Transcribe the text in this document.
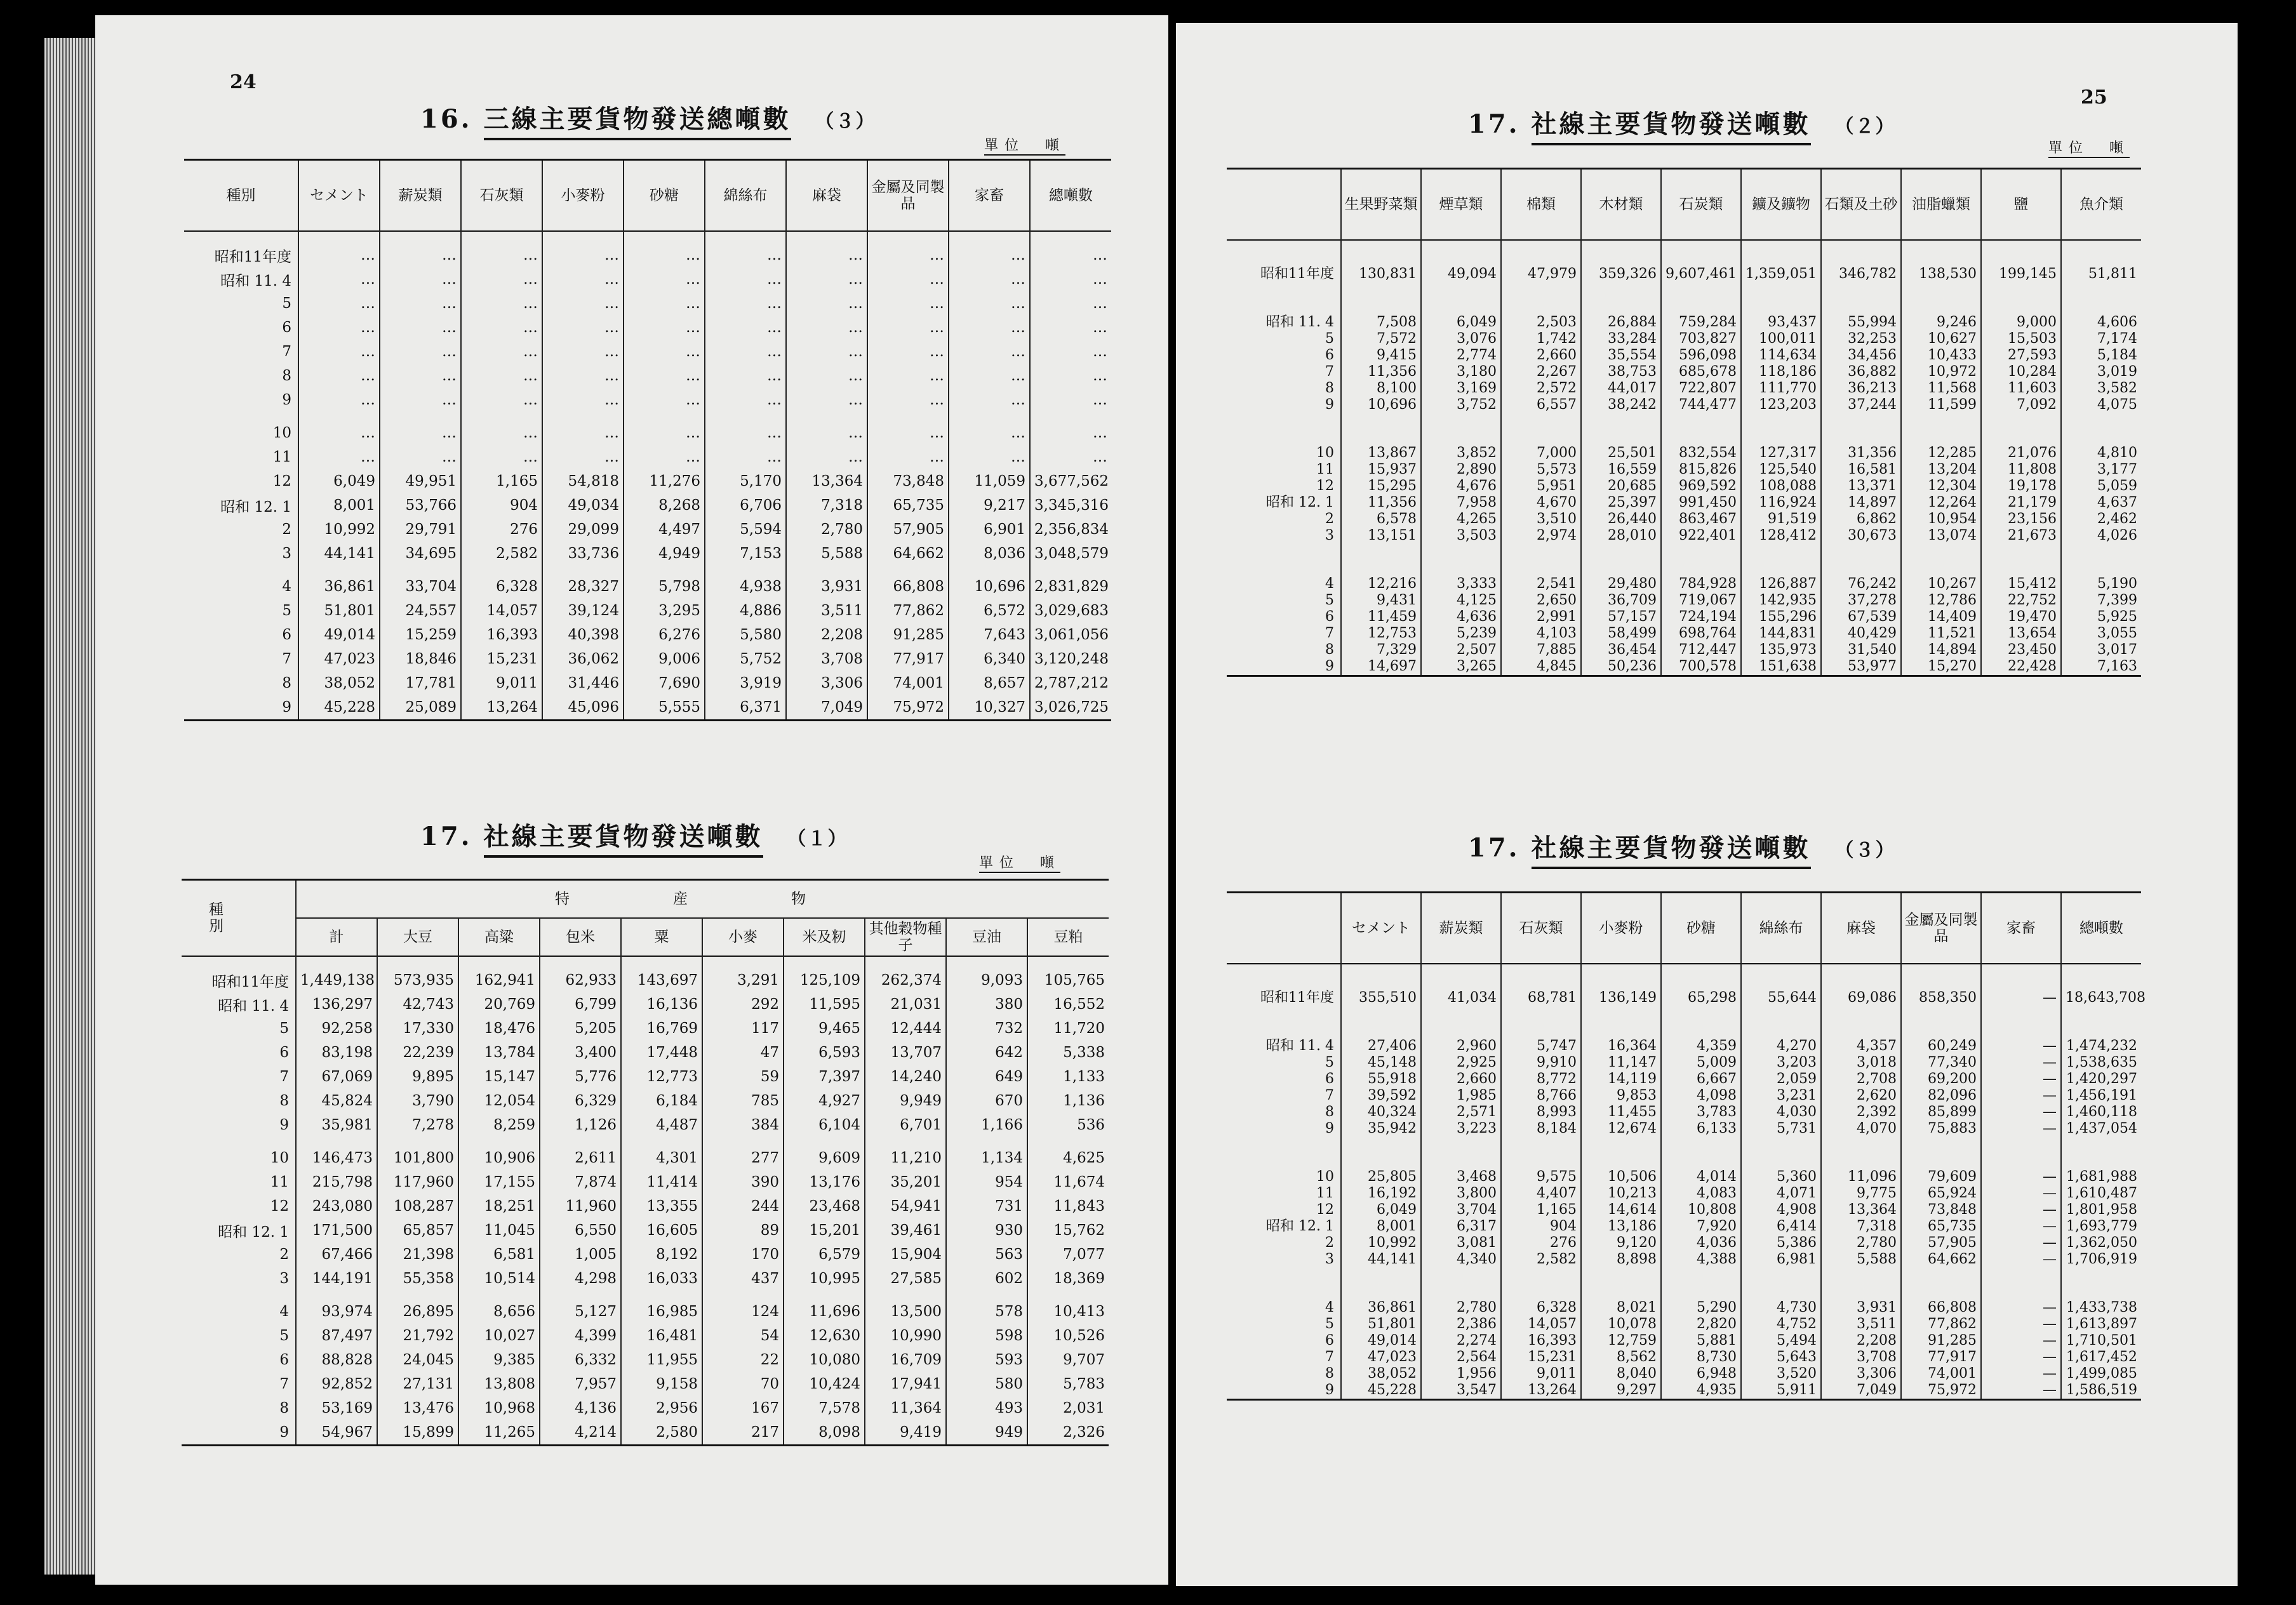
24
16. 三線主要貨物發送總噸數 （３）
單位　噸
種別	セメント	薪炭類	石灰類	小麥粉	砂糖	綿絲布	麻袋	金屬及同製品	家畜	總噸數
昭和11年度	…	…	…	…	…	…	…	…	…	…
昭和 11. 4	…	…	…	…	…	…	…	…	…	…
5	…	…	…	…	…	…	…	…	…	…
6	…	…	…	…	…	…	…	…	…	…
7	…	…	…	…	…	…	…	…	…	…
8	…	…	…	…	…	…	…	…	…	…
9	…	…	…	…	…	…	…	…	…	…
10	…	…	…	…	…	…	…	…	…	…
11	…	…	…	…	…	…	…	…	…	…
12	6,049	49,951	1,165	54,818	11,276	5,170	13,364	73,848	11,059	3,677,562
昭和 12. 1	8,001	53,766	904	49,034	8,268	6,706	7,318	65,735	9,217	3,345,316
2	10,992	29,791	276	29,099	4,497	5,594	2,780	57,905	6,901	2,356,834
3	44,141	34,695	2,582	33,736	4,949	7,153	5,588	64,662	8,036	3,048,579
4	36,861	33,704	6,328	28,327	5,798	4,938	3,931	66,808	10,696	2,831,829
5	51,801	24,557	14,057	39,124	3,295	4,886	3,511	77,862	6,572	3,029,683
6	49,014	15,259	16,393	40,398	6,276	5,580	2,208	91,285	7,643	3,061,056
7	47,023	18,846	15,231	36,062	9,006	5,752	3,708	77,917	6,340	3,120,248
8	38,052	17,781	9,011	31,446	7,690	3,919	3,306	74,001	8,657	2,787,212
9	45,228	25,089	13,264	45,096	5,555	6,371	7,049	75,972	10,327	3,026,725
17. 社線主要貨物發送噸數 （１）
單位　噸
種別	特　産　物									
	計	大豆	高粱	包米	粟	小麥	米及籾	其他穀物種子	豆油	豆粕
昭和11年度	1,449,138	573,935	162,941	62,933	143,697	3,291	125,109	262,374	9,093	105,765
昭和 11. 4	136,297	42,743	20,769	6,799	16,136	292	11,595	21,031	380	16,552
5	92,258	17,330	18,476	5,205	16,769	117	9,465	12,444	732	11,720
6	83,198	22,239	13,784	3,400	17,448	47	6,593	13,707	642	5,338
7	67,069	9,895	15,147	5,776	12,773	59	7,397	14,240	649	1,133
8	45,824	3,790	12,054	6,329	6,184	785	4,927	9,949	670	1,136
9	35,981	7,278	8,259	1,126	4,487	384	6,104	6,701	1,166	536
10	146,473	101,800	10,906	2,611	4,301	277	9,609	11,210	1,134	4,625
11	215,798	117,960	17,155	7,874	11,414	390	13,176	35,201	954	11,674
12	243,080	108,287	18,251	11,960	13,355	244	23,468	54,941	731	11,843
昭和 12. 1	171,500	65,857	11,045	6,550	16,605	89	15,201	39,461	930	15,762
2	67,466	21,398	6,581	1,005	8,192	170	6,579	15,904	563	7,077
3	144,191	55,358	10,514	4,298	16,033	437	10,995	27,585	602	18,369
4	93,974	26,895	8,656	5,127	16,985	124	11,696	13,500	578	10,413
5	87,497	21,792	10,027	4,399	16,481	54	12,630	10,990	598	10,526
6	88,828	24,045	9,385	6,332	11,955	22	10,080	16,709	593	9,707
7	92,852	27,131	13,808	7,957	9,158	70	10,424	17,941	580	5,783
8	53,169	13,476	10,968	4,136	2,956	167	7,578	11,364	493	2,031
9	54,967	15,899	11,265	4,214	2,580	217	8,098	9,419	949	2,326
25
17. 社線主要貨物發送噸數 （２）
單位　噸
	生果野菜類	煙草類	棉類	木材類	石炭類	鑛及鑛物	石類及土砂	油脂蠟類	鹽	魚介類
昭和11年度	130,831	49,094	47,979	359,326	9,607,461	1,359,051	346,782	138,530	199,145	51,811
昭和 11. 4	7,508	6,049	2,503	26,884	759,284	93,437	55,994	9,246	9,000	4,606
5	7,572	3,076	1,742	33,284	703,827	100,011	32,253	10,627	15,503	7,174
6	9,415	2,774	2,660	35,554	596,098	114,634	34,456	10,433	27,593	5,184
7	11,356	3,180	2,267	38,753	685,678	118,186	36,882	10,972	10,284	3,019
8	8,100	3,169	2,572	44,017	722,807	111,770	36,213	11,568	11,603	3,582
9	10,696	3,752	6,557	38,242	744,477	123,203	37,244	11,599	7,092	4,075
10	13,867	3,852	7,000	25,501	832,554	127,317	31,356	12,285	21,076	4,810
11	15,937	2,890	5,573	16,559	815,826	125,540	16,581	13,204	11,808	3,177
12	15,295	4,676	5,951	20,685	969,592	108,088	13,371	12,304	19,178	5,059
昭和 12. 1	11,356	7,958	4,670	25,397	991,450	116,924	14,897	12,264	21,179	4,637
2	6,578	4,265	3,510	26,440	863,467	91,519	6,862	10,954	23,156	2,462
3	13,151	3,503	2,974	28,010	922,401	128,412	30,673	13,074	21,673	4,026
4	12,216	3,333	2,541	29,480	784,928	126,887	76,242	10,267	15,412	5,190
5	9,431	4,125	2,650	36,709	719,067	142,935	37,278	12,786	22,752	7,399
6	11,459	4,636	2,991	57,157	724,194	155,296	67,539	14,409	19,470	5,925
7	12,753	5,239	4,103	58,499	698,764	144,831	40,429	11,521	13,654	3,055
8	7,329	2,507	7,885	36,454	712,447	135,973	31,540	14,894	23,450	3,017
9	14,697	3,265	4,845	50,236	700,578	151,638	53,977	15,270	22,428	7,163
17. 社線主要貨物發送噸數 （３）
	セメント	薪炭類	石灰類	小麥粉	砂糖	綿絲布	麻袋	金屬及同製品	家畜	總噸數
昭和11年度	355,510	41,034	68,781	136,149	65,298	55,644	69,086	858,350	—	18,643,708
昭和 11. 4	27,406	2,960	5,747	16,364	4,359	4,270	4,357	60,249	—	1,474,232
5	45,148	2,925	9,910	11,147	5,009	3,203	3,018	77,340	—	1,538,635
6	55,918	2,660	8,772	14,119	6,667	2,059	2,708	69,200	—	1,420,297
7	39,592	1,985	8,766	9,853	4,098	3,231	2,620	82,096	—	1,456,191
8	40,324	2,571	8,993	11,455	3,783	4,030	2,392	85,899	—	1,460,118
9	35,942	3,223	8,184	12,674	6,133	5,731	4,070	75,883	—	1,437,054
10	25,805	3,468	9,575	10,506	4,014	5,360	11,096	79,609	—	1,681,988
11	16,192	3,800	4,407	10,213	4,083	4,071	9,775	65,924	—	1,610,487
12	6,049	3,704	1,165	14,614	10,808	4,908	13,364	73,848	—	1,801,958
昭和 12. 1	8,001	6,317	904	13,186	7,920	6,414	7,318	65,735	—	1,693,779
2	10,992	3,081	276	9,120	4,036	5,386	2,780	57,905	—	1,362,050
3	44,141	4,340	2,582	8,898	4,388	6,981	5,588	64,662	—	1,706,919
4	36,861	2,780	6,328	8,021	5,290	4,730	3,931	66,808	—	1,433,738
5	51,801	2,386	14,057	10,078	2,820	4,752	3,511	77,862	—	1,613,897
6	49,014	2,274	16,393	12,759	5,881	5,494	2,208	91,285	—	1,710,501
7	47,023	2,564	15,231	8,562	8,730	5,643	3,708	77,917	—	1,617,452
8	38,052	1,956	9,011	8,040	6,948	3,520	3,306	74,001	—	1,499,085
9	45,228	3,547	13,264	9,297	4,935	5,911	7,049	75,972	—	1,586,519
